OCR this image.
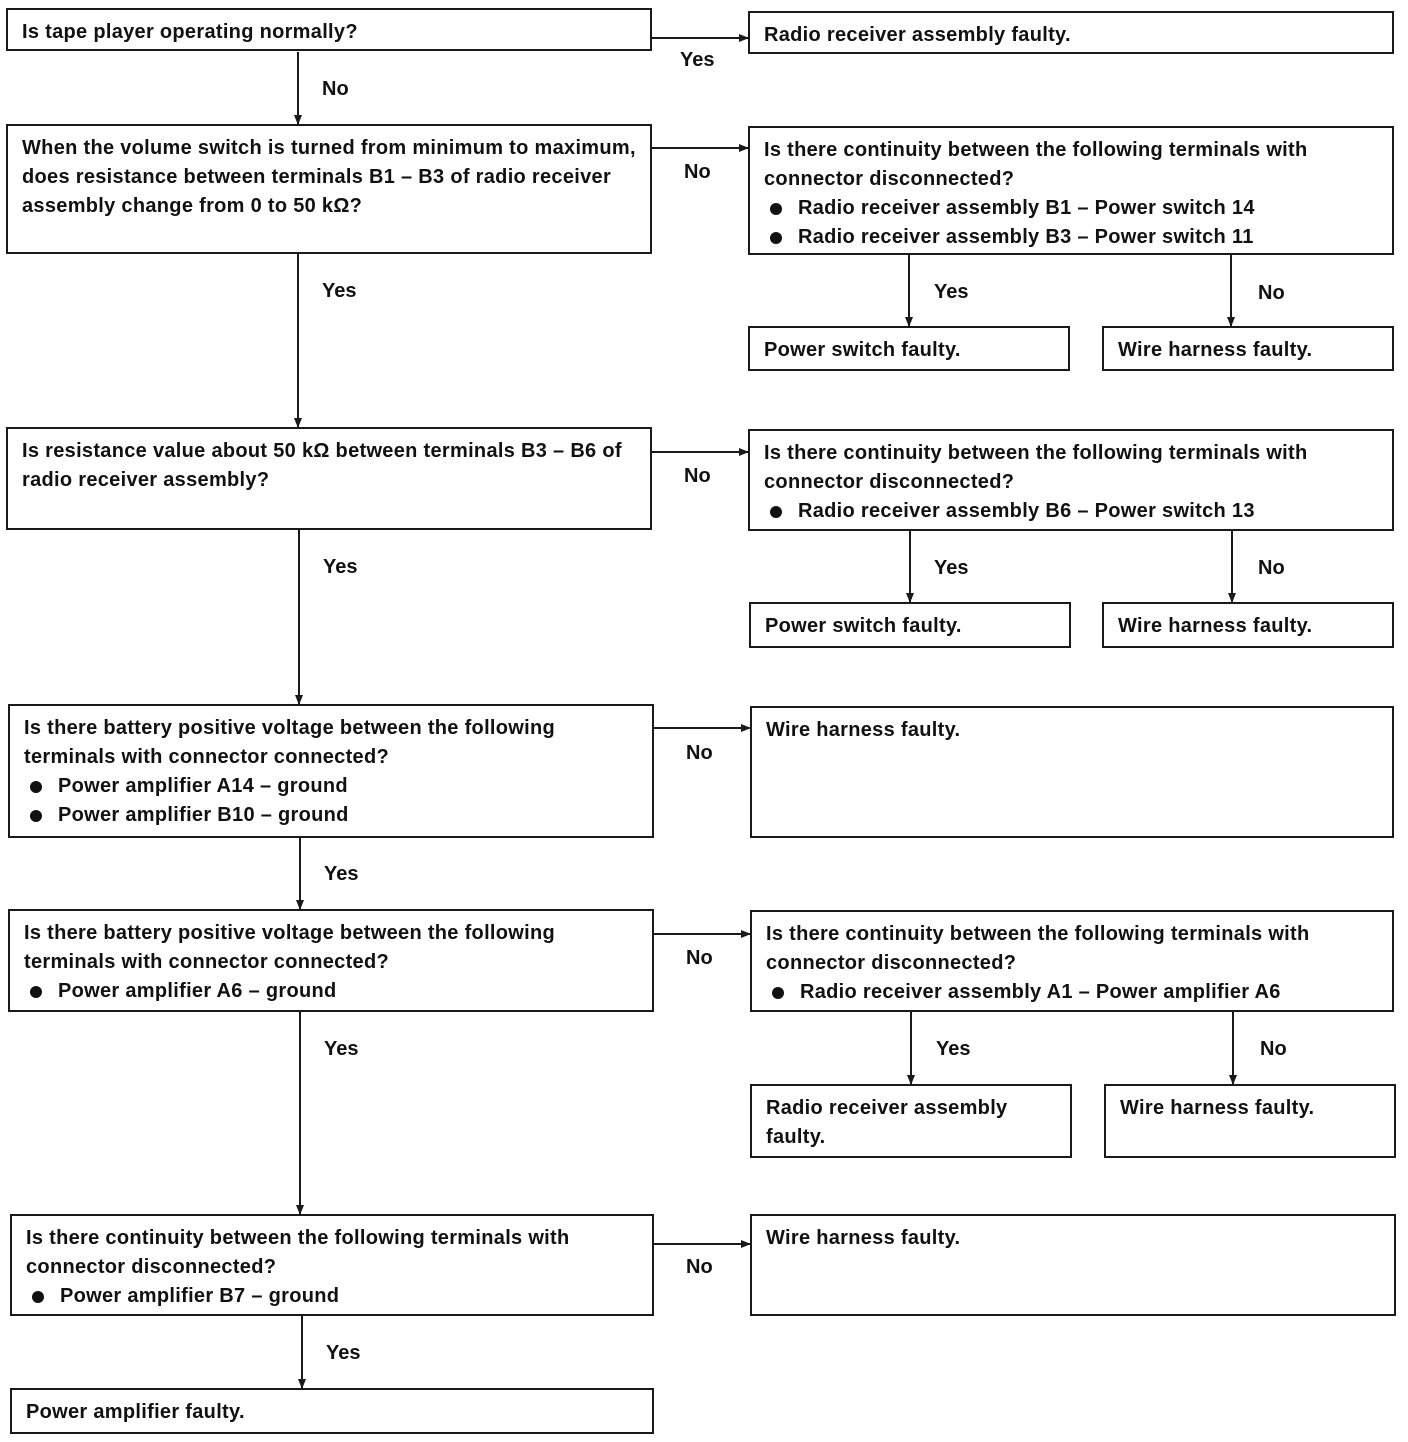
Is tape player operating normally?	Radio receiver assembly faulty.
Yes
No
When the volume switch is turned from minimum to maximum, does resistance between terminals B1 – B3 of radio receiver assembly change from 0 to 50 kΩ?
No
Is there continuity between the following terminals with connector disconnected?
Radio receiver assembly B1 – Power switch 14
Radio receiver assembly B3 – Power switch 11
Yes	Yes	No
Power switch faulty.	Wire harness faulty.
Is resistance value about 50 kΩ between terminals B3 – B6 of radio receiver assembly?	No
Is there continuity between the following terminals with connector disconnected?
Radio receiver assembly B6 – Power switch 13
Yes	Yes	No
Power switch faulty.	Wire harness faulty.
Is there battery positive voltage between the following terminals with connector connected?
Power amplifier A14 – ground
Power amplifier B10 – ground
No
Wire harness faulty.
Yes
Is there battery positive voltage between the following terminals with connector connected?
Power amplifier A6 – ground
No
Is there continuity between the following terminals with connector disconnected?
Radio receiver assembly A1 – Power amplifier A6
Yes	Yes	No
Radio receiver assembly faulty.
Wire harness faulty.
Is there continuity between the following terminals with connector disconnected?
Power amplifier B7 – ground
No
Wire harness faulty.
Yes
Power amplifier faulty.
